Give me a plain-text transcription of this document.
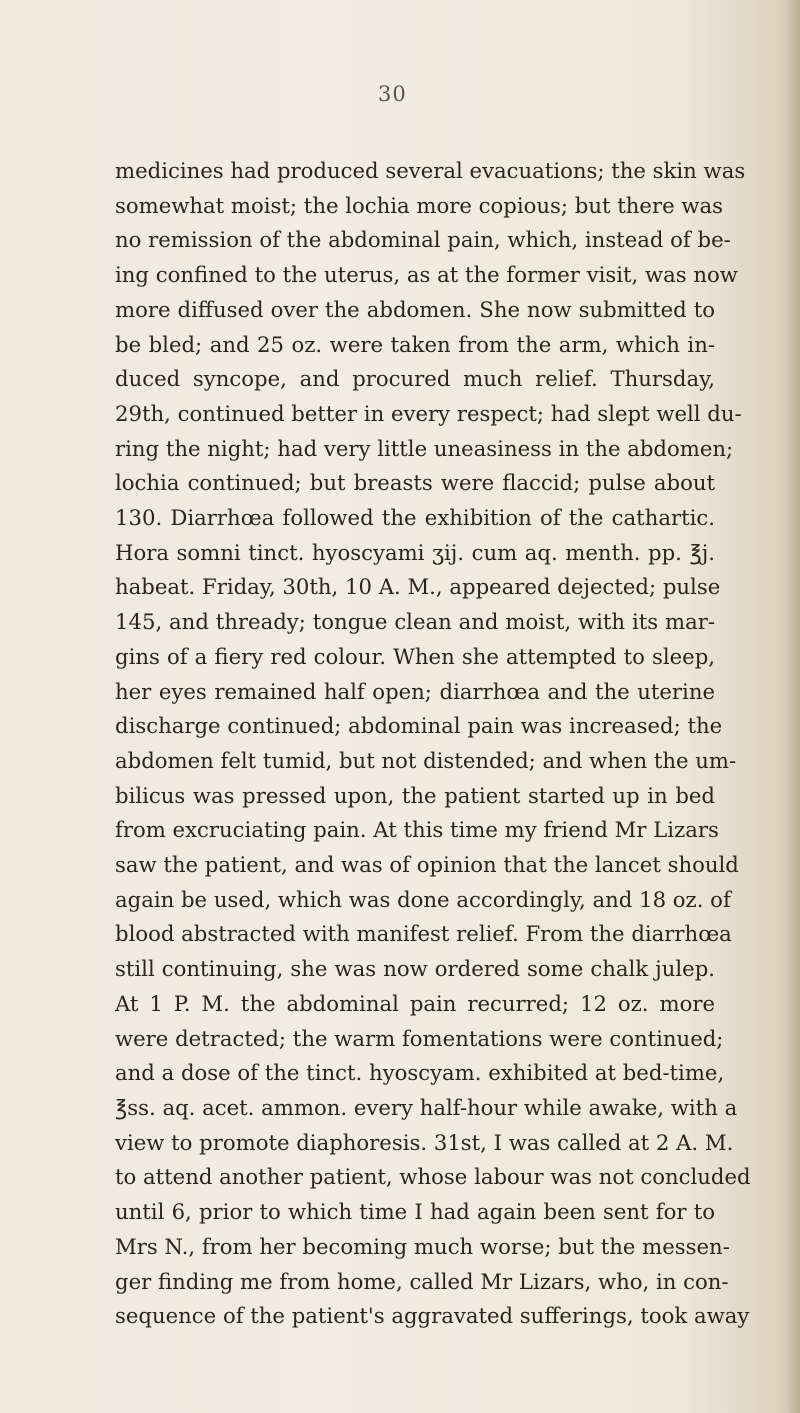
30
medicines had produced several evacuations; the skin was
somewhat moist; the lochia more copious; but there was
no remission of the abdominal pain, which, instead of be-
ing confined to the uterus, as at the former visit, was now
more diffused over the abdomen. She now submitted to
be bled; and 25 oz. were taken from the arm, which in-
duced syncope, and procured much relief. Thursday,
29th, continued better in every respect; had slept well du-
ring the night; had very little uneasiness in the abdomen;
lochia continued; but breasts were flaccid; pulse about
130. Diarrhœa followed the exhibition of the cathartic.
Hora somni tinct. hyoscyami ʒij. cum aq. menth. pp. ℥j.
habeat. Friday, 30th, 10 A. M., appeared dejected; pulse
145, and thready; tongue clean and moist, with its mar-
gins of a fiery red colour. When she attempted to sleep,
her eyes remained half open; diarrhœa and the uterine
discharge continued; abdominal pain was increased; the
abdomen felt tumid, but not distended; and when the um-
bilicus was pressed upon, the patient started up in bed
from excruciating pain. At this time my friend Mr Lizars
saw the patient, and was of opinion that the lancet should
again be used, which was done accordingly, and 18 oz. of
blood abstracted with manifest relief. From the diarrhœa
still continuing, she was now ordered some chalk julep.
At 1 P. M. the abdominal pain recurred; 12 oz. more
were detracted; the warm fomentations were continued;
and a dose of the tinct. hyoscyam. exhibited at bed-time,
℥ss. aq. acet. ammon. every half-hour while awake, with a
view to promote diaphoresis. 31st, I was called at 2 A. M.
to attend another patient, whose labour was not concluded
until 6, prior to which time I had again been sent for to
Mrs N., from her becoming much worse; but the messen-
ger finding me from home, called Mr Lizars, who, in con-
sequence of the patient's aggravated sufferings, took away
